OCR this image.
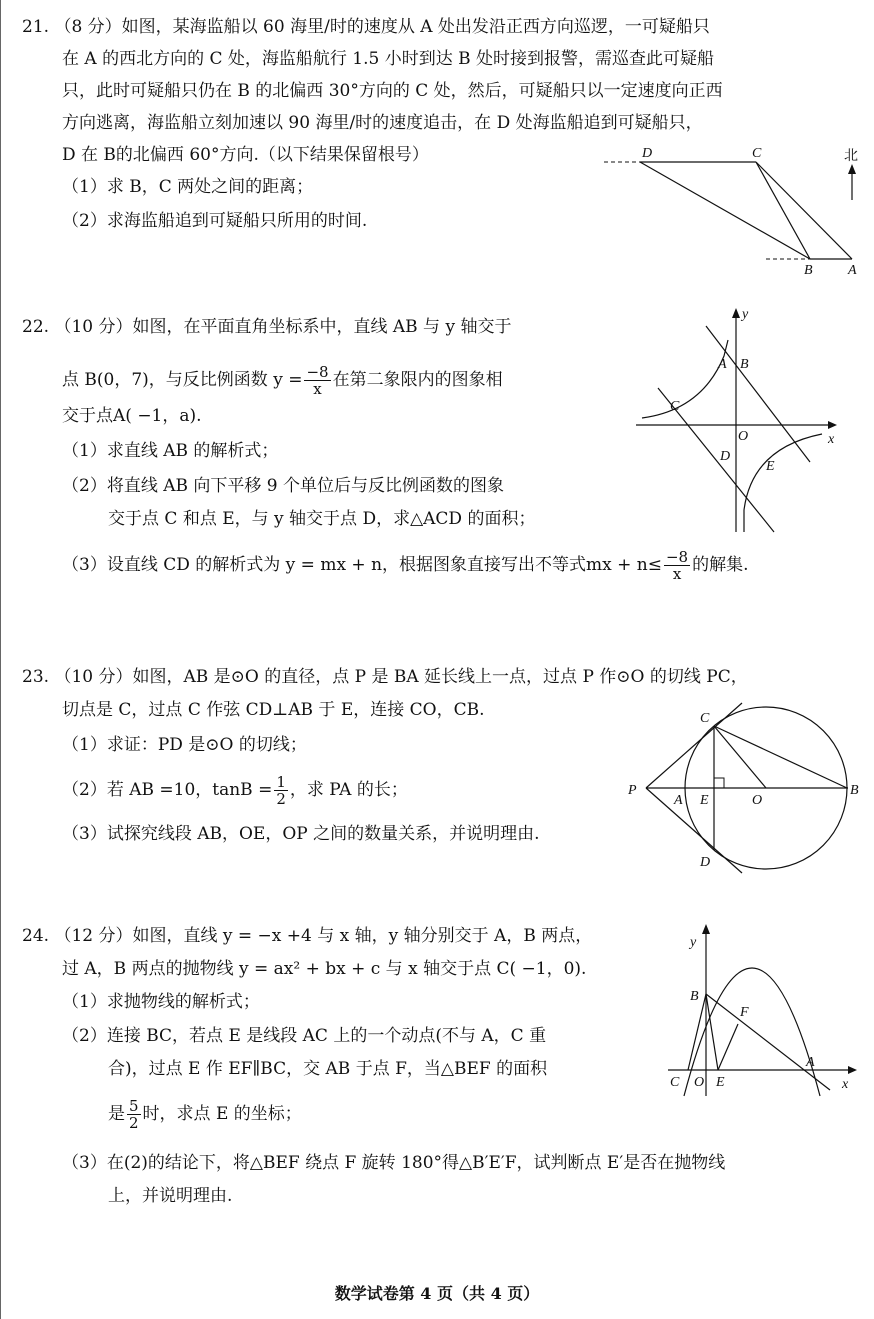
21. （8 分）如图，某海监船以 60 海里/时的速度从 A 处出发沿正西方向巡逻，一可疑船只
在 A 的西北方向的 C 处，海监船航行 1.5 小时到达 B 处时接到报警，需巡查此可疑船
只，此时可疑船只仍在 B 的北偏西 30°方向的 C 处，然后，可疑船只以一定速度向正西
方向逃离，海监船立刻加速以 90 海里/时的速度追击，在 D 处海监船追到可疑船只，
D 在 B的北偏西 60°方向.（以下结果保留根号）
（1）求 B，C 两处之间的距离；
（2）求海监船追到可疑船只所用的时间.
D	C	北
B	A
22. （10 分）如图，在平面直角坐标系中，直线 AB 与 y 轴交于
点 B(0，7)，与反比例函数 $y = \frac{-8}{x}$ 在第二象限内的图象相
交于点A( −1，a).
（1）求直线 AB 的解析式；
（2）将直线 AB 向下平移 9 个单位后与反比例函数的图象
交于点 C 和点 E，与 y 轴交于点 D，求△ACD 的面积；
（3）设直线 CD 的解析式为 y = mx + n，根据图象直接写出不等式mx + $n\le \frac{-8}{x}$ 的解集.
y
x
A B
C
O
D
E
23. （10 分）如图，AB 是⊙O 的直径，点 P 是 BA 延长线上一点，过点 P 作⊙O 的切线 PC，
切点是 C，过点 C 作弦 CD⊥AB 于 E，连接 CO，CB.
（1）求证：PD 是⊙O 的切线；
（2）若 AB =10，$\tan B = \frac{1}{2}$ ，求 PA 的长；
（3）试探究线段 AB，OE，OP 之间的数量关系，并说明理由.
C
P
A E	O
B
D
24. （12 分）如图，直线 y = −x +4 与 x 轴，y 轴分别交于 A，B 两点，
过 A，B 两点的抛物线 y = ax² + bx + c 与 x 轴交于点 C( −1，0).
（1）求抛物线的解析式；
（2）连接 BC，若点 E 是线段 AC 上的一个动点(不与 A，C 重
合)，过点 E 作 EF∥BC，交 AB 于点 F，当△BEF 的面积
是 $\frac{5}{2}$ 时，求点 E 的坐标；
（3）在(2)的结论下，将△BEF 绕点 F 旋转 180°得△B′E′F，试判断点 E′是否在抛物线
上，并说明理由.
y
x
B
F
A
C O E
数学试卷第 4 页（共 4 页）
